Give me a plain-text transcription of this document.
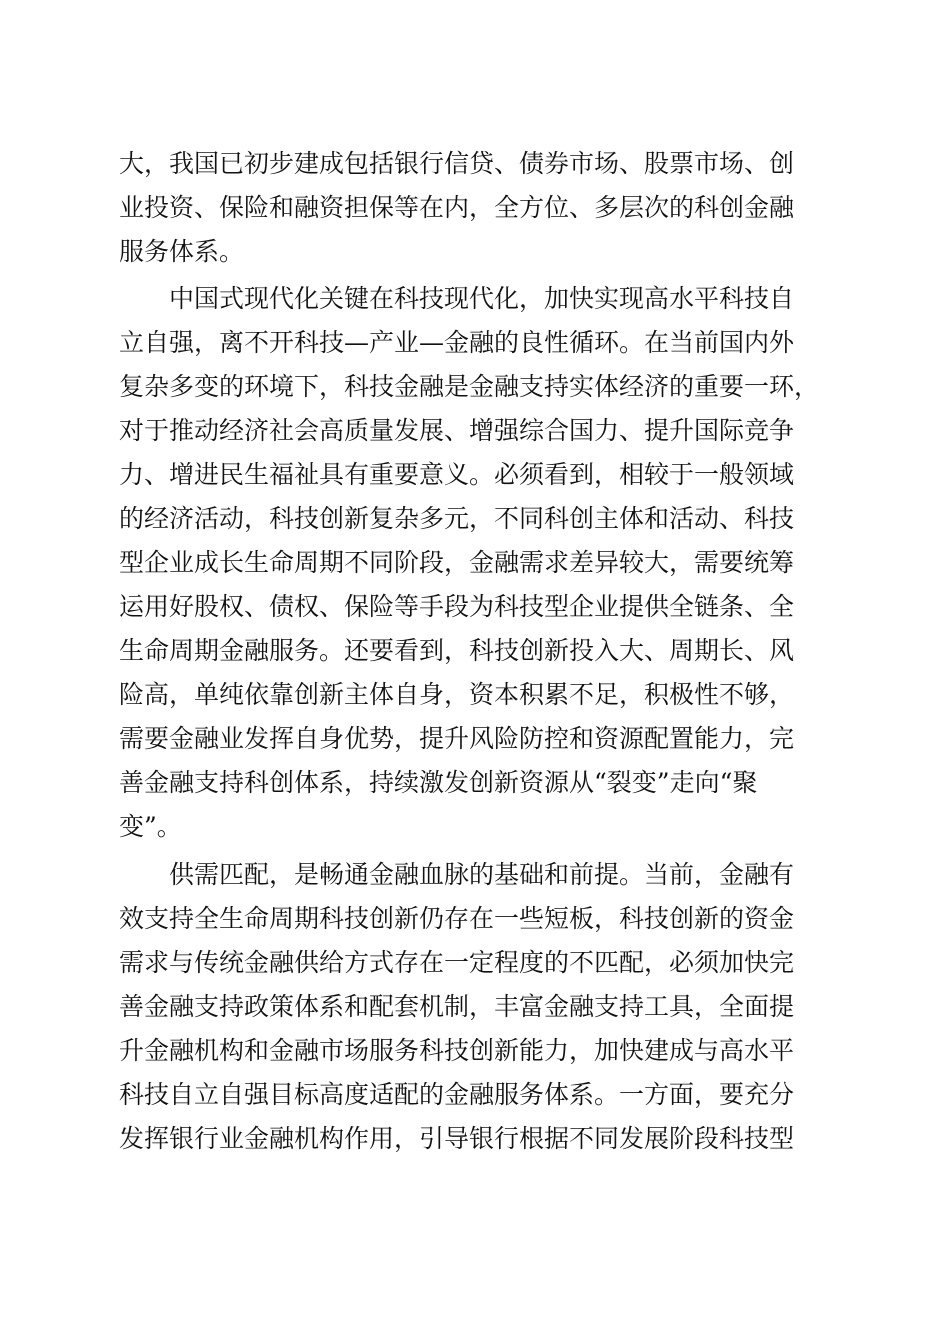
大，我国已初步建成包括银行信贷、债券市场、股票市场、创
业投资、保险和融资担保等在内，全方位、多层次的科创金融
服务体系。
　　中国式现代化关键在科技现代化，加快实现高水平科技自
立自强，离不开科技—产业—金融的良性循环。在当前国内外
复杂多变的环境下，科技金融是金融支持实体经济的重要一环，
对于推动经济社会高质量发展、增强综合国力、提升国际竞争
力、增进民生福祉具有重要意义。必须看到，相较于一般领域
的经济活动，科技创新复杂多元，不同科创主体和活动、科技
型企业成长生命周期不同阶段，金融需求差异较大，需要统筹
运用好股权、债权、保险等手段为科技型企业提供全链条、全
生命周期金融服务。还要看到，科技创新投入大、周期长、风
险高，单纯依靠创新主体自身，资本积累不足，积极性不够，
需要金融业发挥自身优势，提升风险防控和资源配置能力，完
善金融支持科创体系，持续激发创新资源从“裂变”走向“聚
变”。
　　供需匹配，是畅通金融血脉的基础和前提。当前，金融有
效支持全生命周期科技创新仍存在一些短板，科技创新的资金
需求与传统金融供给方式存在一定程度的不匹配，必须加快完
善金融支持政策体系和配套机制，丰富金融支持工具，全面提
升金融机构和金融市场服务科技创新能力，加快建成与高水平
科技自立自强目标高度适配的金融服务体系。一方面，要充分
发挥银行业金融机构作用，引导银行根据不同发展阶段科技型
